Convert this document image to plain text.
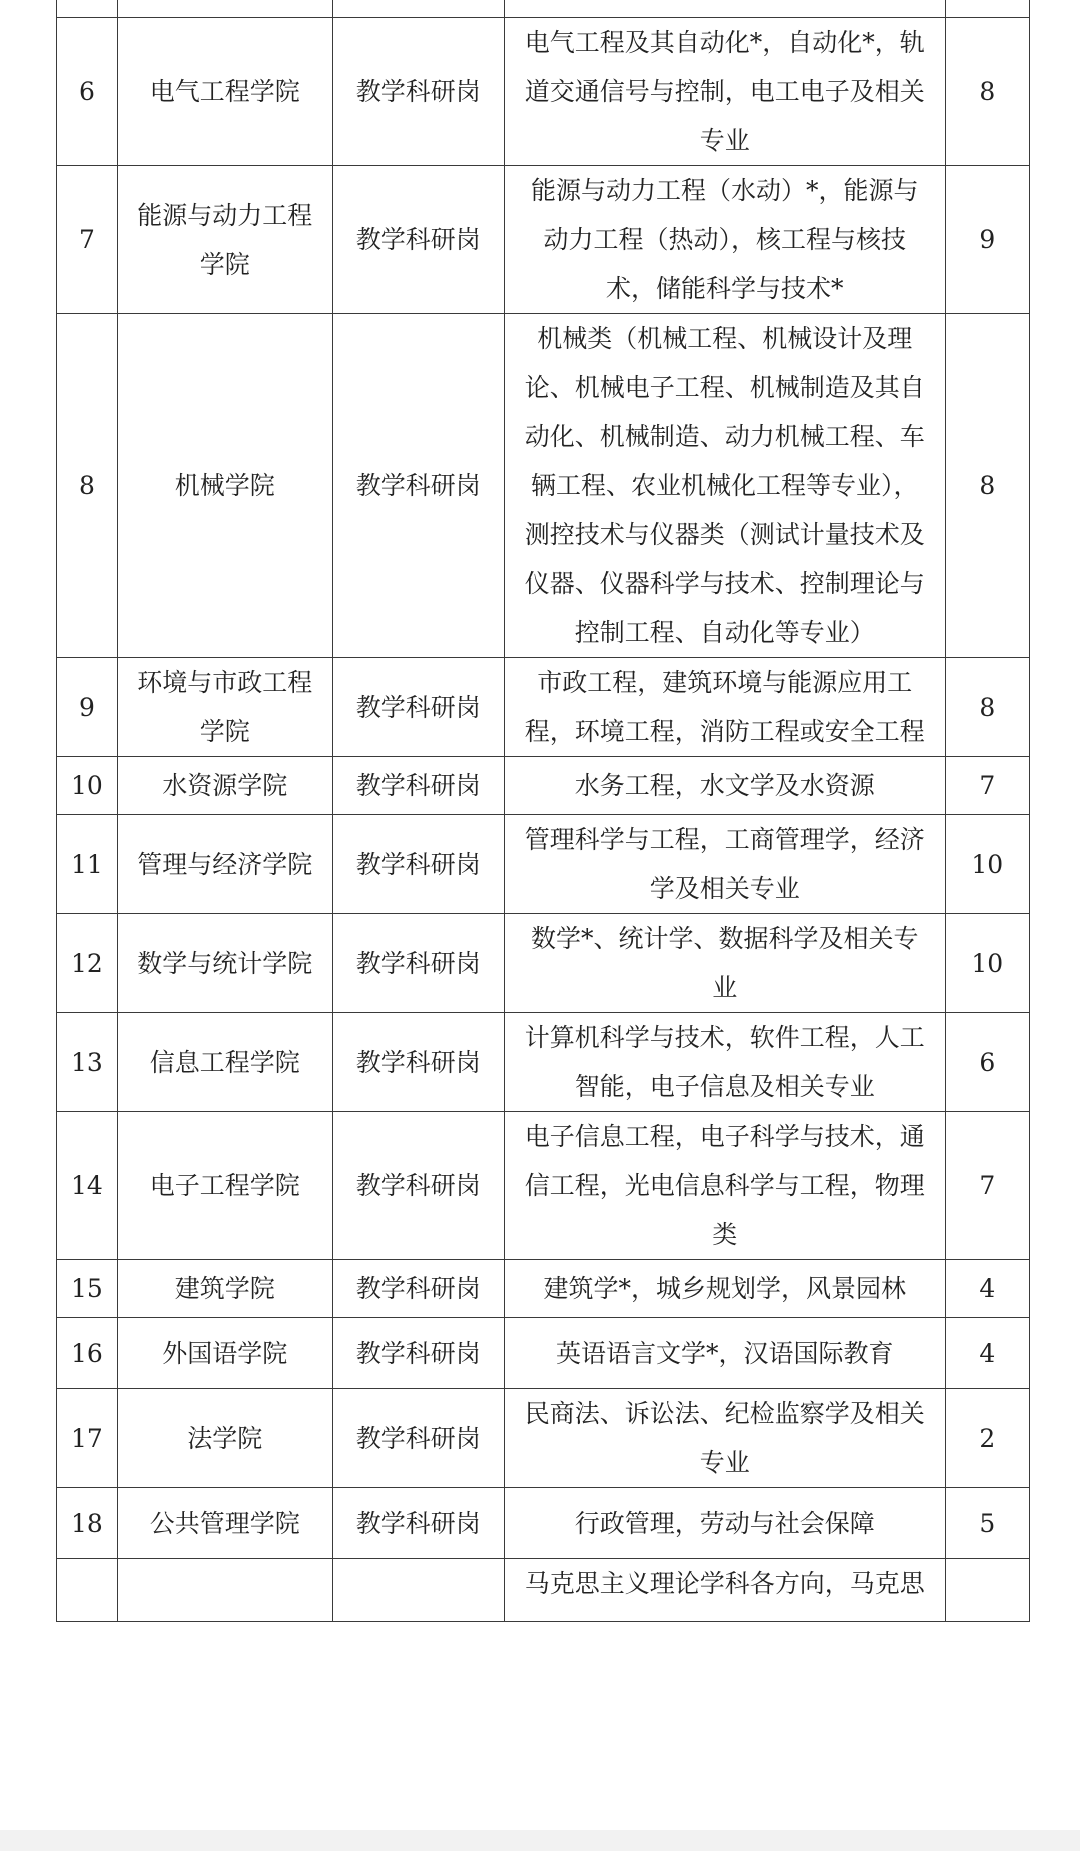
6	电气工程学院	教学科研岗	电气工程及其自动化*，自动化*，轨道交通信号与控制，电工电子及相关专业	8
7	能源与动力工程学院	教学科研岗	能源与动力工程（水动）*，能源与动力工程（热动），核工程与核技术，储能科学与技术*	9
8	机械学院	教学科研岗	机械类（机械工程、机械设计及理论、机械电子工程、机械制造及其自动化、机械制造、动力机械工程、车辆工程、农业机械化工程等专业），测控技术与仪器类（测试计量技术及仪器、仪器科学与技术、控制理论与控制工程、自动化等专业）	8
9	环境与市政工程学院	教学科研岗	市政工程，建筑环境与能源应用工程，环境工程，消防工程或安全工程	8
10	水资源学院	教学科研岗	水务工程，水文学及水资源	7
11	管理与经济学院	教学科研岗	管理科学与工程，工商管理学，经济学及相关专业	10
12	数学与统计学院	教学科研岗	数学*、统计学、数据科学及相关专业	10
13	信息工程学院	教学科研岗	计算机科学与技术，软件工程，人工智能，电子信息及相关专业	6
14	电子工程学院	教学科研岗	电子信息工程，电子科学与技术，通信工程，光电信息科学与工程，物理类	7
15	建筑学院	教学科研岗	建筑学*，城乡规划学，风景园林	4
16	外国语学院	教学科研岗	英语语言文学*，汉语国际教育	4
17	法学院	教学科研岗	民商法、诉讼法、纪检监察学及相关专业	2
18	公共管理学院	教学科研岗	行政管理，劳动与社会保障	5
			马克思主义理论学科各方向，马克思	
